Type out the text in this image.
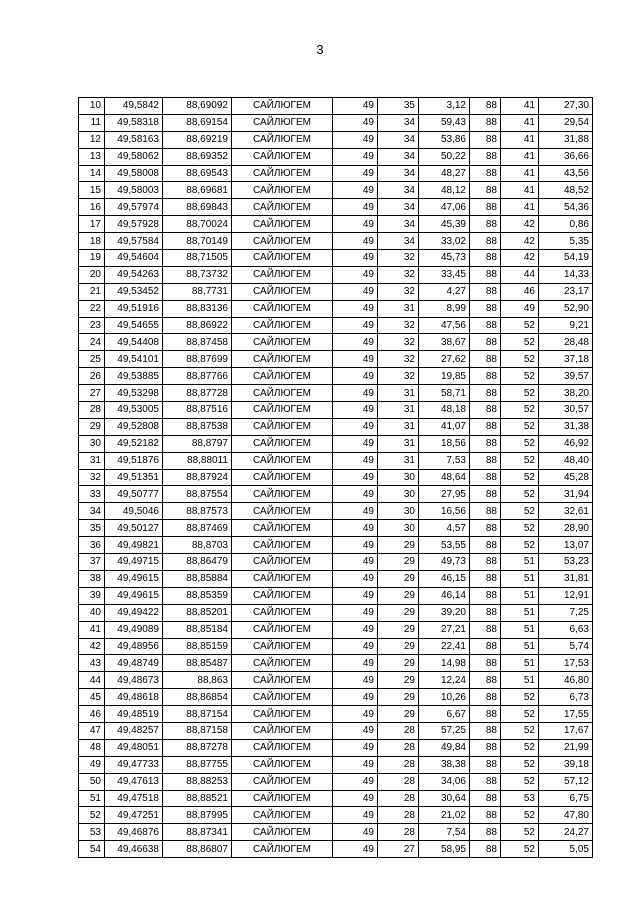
3
10	49,5842	88,69092	САЙЛЮГЕМ	49	35	3,12	88	41	27,30
11	49,58318	88,69154	САЙЛЮГЕМ	49	34	59,43	88	41	29,54
12	49,58163	88,69219	САЙЛЮГЕМ	49	34	53,86	88	41	31,88
13	49,58062	88,69352	САЙЛЮГЕМ	49	34	50,22	88	41	36,66
14	49,58008	88,69543	САЙЛЮГЕМ	49	34	48,27	88	41	43,56
15	49,58003	88,69681	САЙЛЮГЕМ	49	34	48,12	88	41	48,52
16	49,57974	88,69843	САЙЛЮГЕМ	49	34	47,06	88	41	54,36
17	49,57928	88,70024	САЙЛЮГЕМ	49	34	45,39	88	42	0,86
18	49,57584	88,70149	САЙЛЮГЕМ	49	34	33,02	88	42	5,35
19	49,54604	88,71505	САЙЛЮГЕМ	49	32	45,73	88	42	54,19
20	49,54263	88,73732	САЙЛЮГЕМ	49	32	33,45	88	44	14,33
21	49,53452	88,7731	САЙЛЮГЕМ	49	32	4,27	88	46	23,17
22	49,51916	88,83136	САЙЛЮГЕМ	49	31	8,99	88	49	52,90
23	49,54655	88,86922	САЙЛЮГЕМ	49	32	47,56	88	52	9,21
24	49,54408	88,87458	САЙЛЮГЕМ	49	32	38,67	88	52	28,48
25	49,54101	88,87699	САЙЛЮГЕМ	49	32	27,62	88	52	37,18
26	49,53885	88,87766	САЙЛЮГЕМ	49	32	19,85	88	52	39,57
27	49,53298	88,87728	САЙЛЮГЕМ	49	31	58,71	88	52	38,20
28	49,53005	88,87516	САЙЛЮГЕМ	49	31	48,18	88	52	30,57
29	49,52808	88,87538	САЙЛЮГЕМ	49	31	41,07	88	52	31,38
30	49,52182	88,8797	САЙЛЮГЕМ	49	31	18,56	88	52	46,92
31	49,51876	88,88011	САЙЛЮГЕМ	49	31	7,53	88	52	48,40
32	49,51351	88,87924	САЙЛЮГЕМ	49	30	48,64	88	52	45,28
33	49,50777	88,87554	САЙЛЮГЕМ	49	30	27,95	88	52	31,94
34	49,5046	88,87573	САЙЛЮГЕМ	49	30	16,56	88	52	32,61
35	49,50127	88,87469	САЙЛЮГЕМ	49	30	4,57	88	52	28,90
36	49,49821	88,8703	САЙЛЮГЕМ	49	29	53,55	88	52	13,07
37	49,49715	88,86479	САЙЛЮГЕМ	49	29	49,73	88	51	53,23
38	49,49615	88,85884	САЙЛЮГЕМ	49	29	46,15	88	51	31,81
39	49,49615	88,85359	САЙЛЮГЕМ	49	29	46,14	88	51	12,91
40	49,49422	88,85201	САЙЛЮГЕМ	49	29	39,20	88	51	7,25
41	49,49089	88,85184	САЙЛЮГЕМ	49	29	27,21	88	51	6,63
42	49,48956	88,85159	САЙЛЮГЕМ	49	29	22,41	88	51	5,74
43	49,48749	88,85487	САЙЛЮГЕМ	49	29	14,98	88	51	17,53
44	49,48673	88,863	САЙЛЮГЕМ	49	29	12,24	88	51	46,80
45	49,48618	88,86854	САЙЛЮГЕМ	49	29	10,26	88	52	6,73
46	49,48519	88,87154	САЙЛЮГЕМ	49	29	6,67	88	52	17,55
47	49,48257	88,87158	САЙЛЮГЕМ	49	28	57,25	88	52	17,67
48	49,48051	88,87278	САЙЛЮГЕМ	49	28	49,84	88	52	21,99
49	49,47733	88,87755	САЙЛЮГЕМ	49	28	38,38	88	52	39,18
50	49,47613	88,88253	САЙЛЮГЕМ	49	28	34,06	88	52	57,12
51	49,47518	88,88521	САЙЛЮГЕМ	49	28	30,64	88	53	6,75
52	49,47251	88,87995	САЙЛЮГЕМ	49	28	21,02	88	52	47,80
53	49,46876	88,87341	САЙЛЮГЕМ	49	28	7,54	88	52	24,27
54	49,46638	88,86807	САЙЛЮГЕМ	49	27	58,95	88	52	5,05
